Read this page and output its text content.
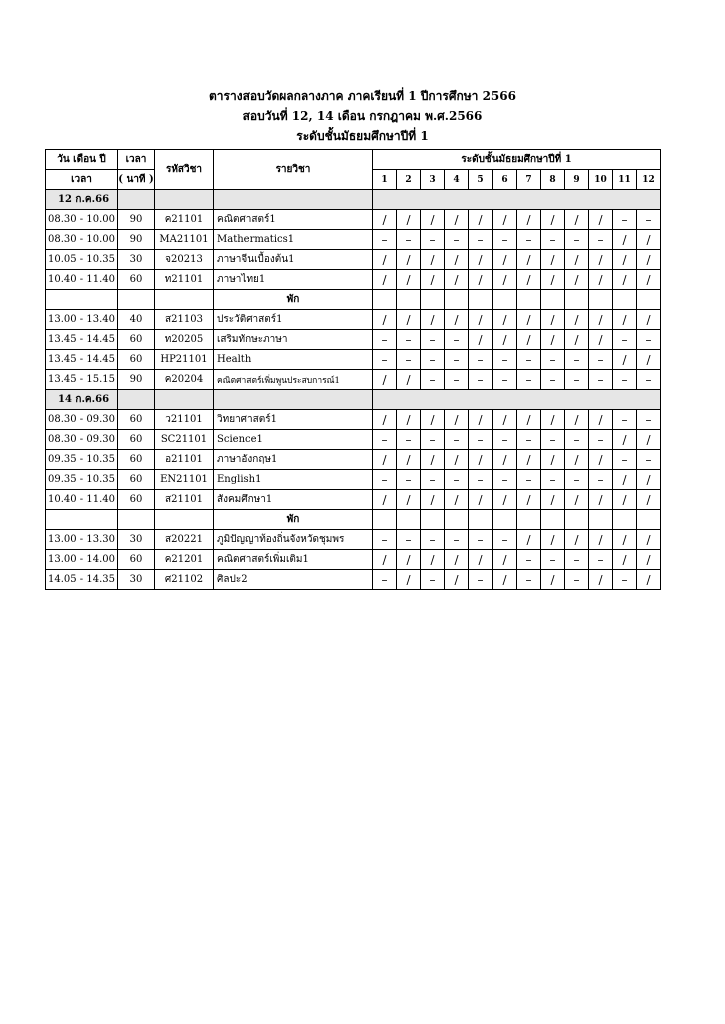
ตารางสอบวัดผลกลางภาค ภาคเรียนที่ 1 ปีการศึกษา 2566
สอบวันที่ 12, 14 เดือน กรกฎาคม พ.ศ.2566
ระดับชั้นมัธยมศึกษาปีที่ 1
วัน เดือน ปี	เวลา	รหัสวิชา	รายวิชา	ระดับชั้นมัธยมศึกษาปีที่ 1											
เวลา	( นาที )			1	2	3	4	5	6	7	8	9	10	11	12
12 ก.ค.66															
08.30 - 10.00	90	ค21101	คณิตศาสตร์1	/	/	/	/	/	/	/	/	/	/	–	–
08.30 - 10.00	90	MA21101	Mathermatics1	–	–	–	–	–	–	–	–	–	–	/	/
10.05 - 10.35	30	จ20213	ภาษาจีนเบื้องต้น1	/	/	/	/	/	/	/	/	/	/	/	/
10.40 - 11.40	60	ท21101	ภาษาไทย1	/	/	/	/	/	/	/	/	/	/	/	/
			พัก												
13.00 - 13.40	40	ส21103	ประวัติศาสตร์1	/	/	/	/	/	/	/	/	/	/	/	/
13.45 - 14.45	60	ท20205	เสริมทักษะภาษา	–	–	–	–	/	/	/	/	/	/	–	–
13.45 - 14.45	60	HP21101	Health	–	–	–	–	–	–	–	–	–	–	/	/
13.45 - 15.15	90	ค20204	คณิตศาสตร์เพิ่มพูนประสบการณ์1	/	/	–	–	–	–	–	–	–	–	–	–
14 ก.ค.66															
08.30 - 09.30	60	ว21101	วิทยาศาสตร์1	/	/	/	/	/	/	/	/	/	/	–	–
08.30 - 09.30	60	SC21101	Science1	–	–	–	–	–	–	–	–	–	–	/	/
09.35 - 10.35	60	อ21101	ภาษาอังกฤษ1	/	/	/	/	/	/	/	/	/	/	–	–
09.35 - 10.35	60	EN21101	English1	–	–	–	–	–	–	–	–	–	–	/	/
10.40 - 11.40	60	ส21101	สังคมศึกษา1	/	/	/	/	/	/	/	/	/	/	/	/
			พัก												
13.00 - 13.30	30	ส20221	ภูมิปัญญาท้องถิ่นจังหวัดชุมพร	–	–	–	–	–	–	/	/	/	/	/	/
13.00 - 14.00	60	ค21201	คณิตศาสตร์เพิ่มเติม1	/	/	/	/	/	/	–	–	–	–	/	/
14.05 - 14.35	30	ศ21102	ศิลปะ2	–	/	–	/	–	/	–	/	–	/	–	/
